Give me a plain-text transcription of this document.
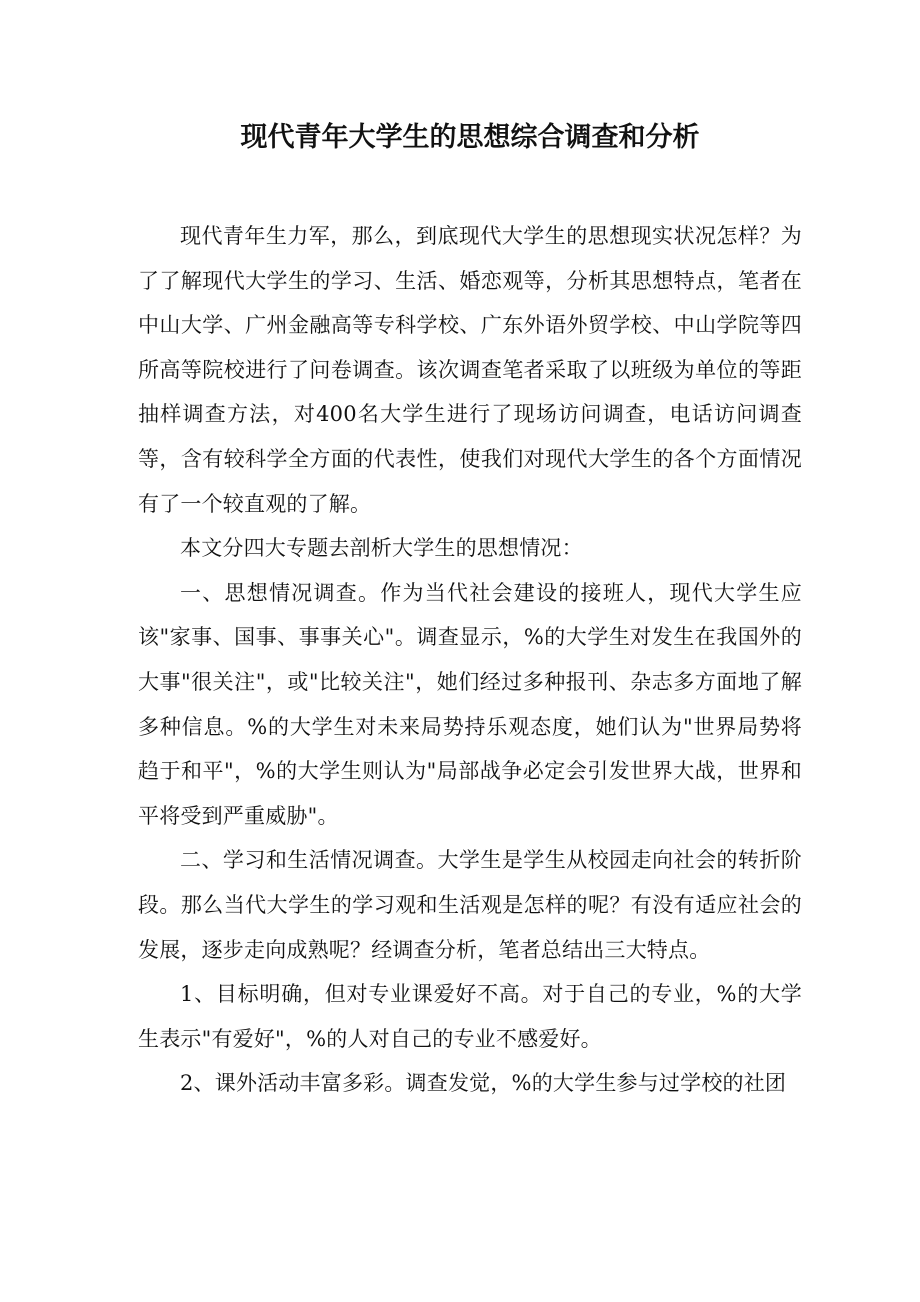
现代青年大学生的思想综合调查和分析

现代青年生力军，那么，到底现代大学生的思想现实状况怎样？为了了解现代大学生的学习、生活、婚恋观等，分析其思想特点，笔者在中山大学、广州金融高等专科学校、广东外语外贸学校、中山学院等四所高等院校进行了问卷调查。该次调查笔者采取了以班级为单位的等距抽样调查方法，对400名大学生进行了现场访问调查，电话访问调查等，含有较科学全方面的代表性，使我们对现代大学生的各个方面情况有了一个较直观的了解。

本文分四大专题去剖析大学生的思想情况：

一、思想情况调查。作为当代社会建设的接班人，现代大学生应该"家事、国事、事事关心"。调查显示，%的大学生对发生在我国外的大事"很关注"，或"比较关注"，她们经过多种报刊、杂志多方面地了解多种信息。%的大学生对未来局势持乐观态度，她们认为"世界局势将趋于和平"，%的大学生则认为"局部战争必定会引发世界大战，世界和平将受到严重威胁"。

二、学习和生活情况调查。大学生是学生从校园走向社会的转折阶段。那么当代大学生的学习观和生活观是怎样的呢？有没有适应社会的发展，逐步走向成熟呢？经调查分析，笔者总结出三大特点。

1、目标明确，但对专业课爱好不高。对于自己的专业，%的大学生表示"有爱好"，%的人对自己的专业不感爱好。

2、课外活动丰富多彩。调查发觉，%的大学生参与过学校的社团
